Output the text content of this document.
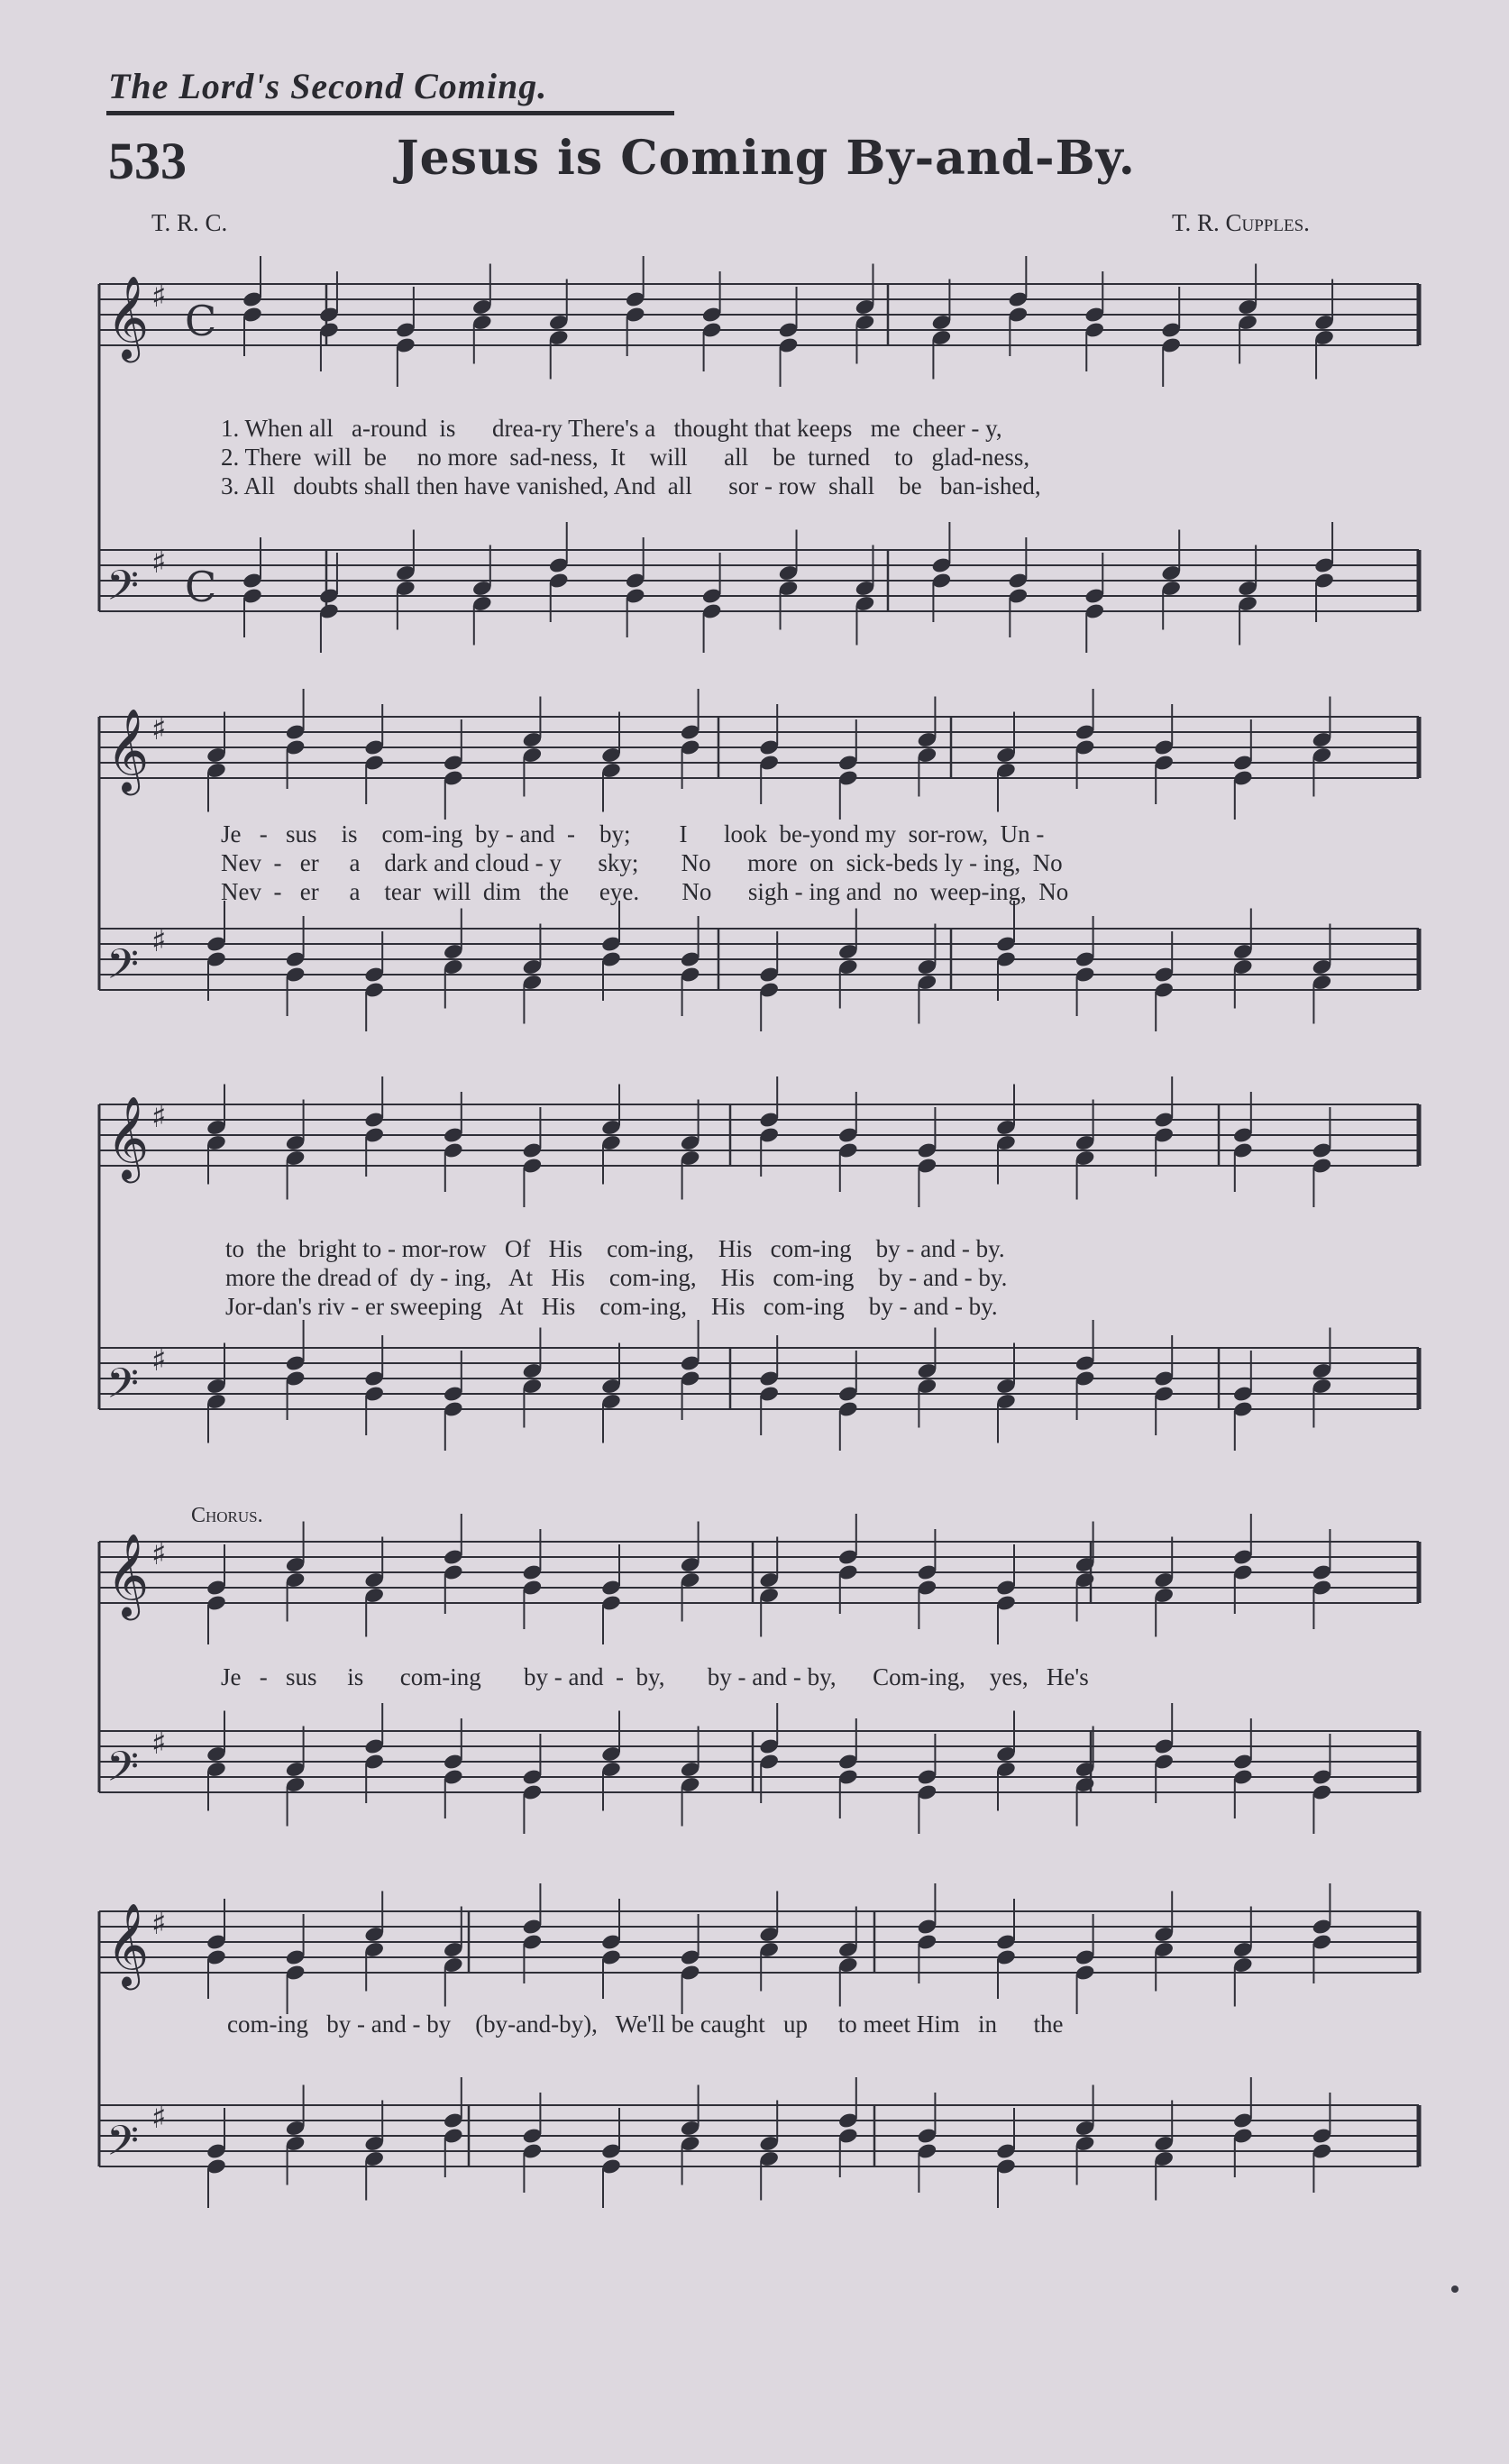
The Lord's Second Coming.
533	Jesus is Coming By-and-By.
T. R. C.	T. R. Cupples.
𝄞 ♯ C
𝄢 ♯ C
𝄞 ♯
𝄢 ♯
𝄞 ♯
𝄢 ♯
𝄞 ♯
𝄢 ♯
𝄞 ♯
𝄢 ♯
1. When all   a-round  is      drea-ry There's a   thought that keeps   me  cheer - y,
2. There  will  be     no more  sad-ness,  It    will      all    be  turned    to   glad-ness,
3. All   doubts shall then have vanished, And  all      sor - row  shall    be   ban-ished,
Je   -   sus    is    com-ing  by - and  -    by;        I      look  be-yond my  sor-row,  Un -
Nev  -   er     a    dark and cloud - y      sky;       No      more  on  sick-beds ly - ing,  No
Nev  -   er     a    tear  will  dim   the     eye.       No      sigh - ing and  no  weep-ing,  No
to  the  bright to - mor-row   Of   His    com-ing,    His   com-ing    by - and - by.
more the dread of  dy - ing,   At   His    com-ing,    His   com-ing    by - and - by.
Jor-dan's riv - er sweeping   At   His    com-ing,    His   com-ing    by - and - by.
Chorus.
Je   -   sus     is      com-ing       by - and  -  by,       by - and - by,      Com-ing,    yes,   He's
com-ing   by - and - by    (by-and-by),   We'll be caught   up     to meet Him   in      the
